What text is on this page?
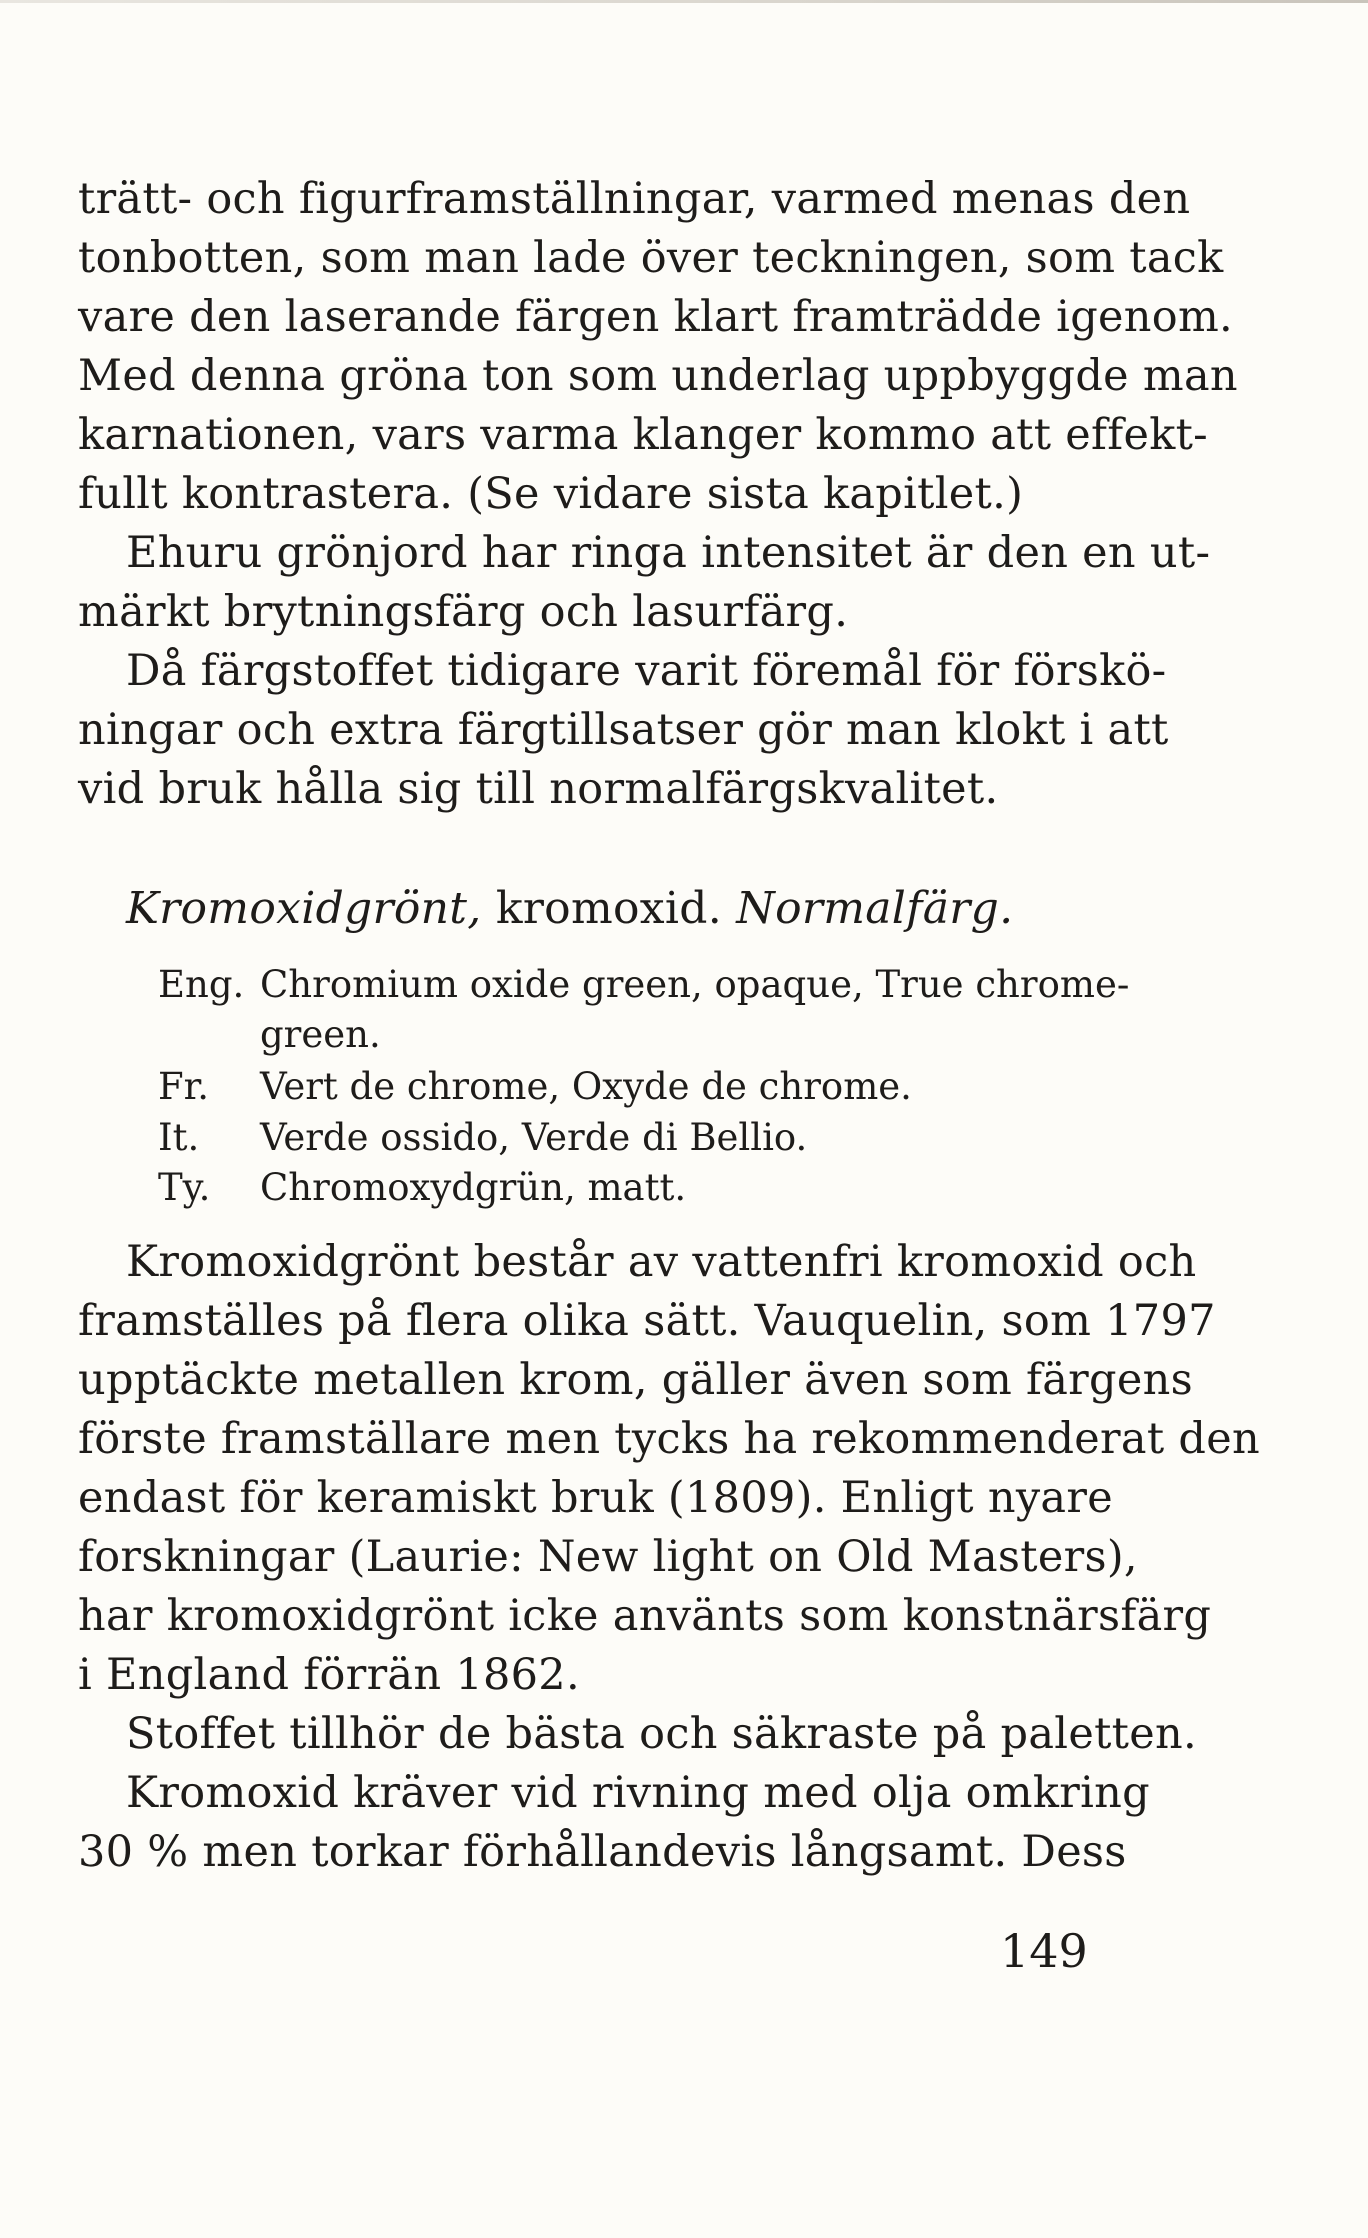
trätt- och figurframställningar, varmed menas den
tonbotten, som man lade över teckningen, som tack
vare den laserande färgen klart framträdde igenom.
Med denna gröna ton som underlag uppbyggde man
karnationen, vars varma klanger kommo att effekt-
fullt kontrastera. (Se vidare sista kapitlet.)
Ehuru grönjord har ringa intensitet är den en ut-
märkt brytningsfärg och lasurfärg.
Då färgstoffet tidigare varit föremål för förskö-
ningar och extra färgtillsatser gör man klokt i att
vid bruk hålla sig till normalfärgskvalitet.
Kromoxidgrönt, kromoxid. Normalfärg.
Eng. Chromium oxide green, opaque, True chrome-
green.
Fr. Vert de chrome, Oxyde de chrome.
It. Verde ossido, Verde di Bellio.
Ty. Chromoxydgrün, matt.
Kromoxidgrönt består av vattenfri kromoxid och
framställes på flera olika sätt. Vauquelin, som 1797
upptäckte metallen krom, gäller även som färgens
förste framställare men tycks ha rekommenderat den
endast för keramiskt bruk (1809). Enligt nyare
forskningar (Laurie: New light on Old Masters),
har kromoxidgrönt icke använts som konstnärsfärg
i England förrän 1862.
Stoffet tillhör de bästa och säkraste på paletten.
Kromoxid kräver vid rivning med olja omkring
30 % men torkar förhållandevis långsamt. Dess
149
